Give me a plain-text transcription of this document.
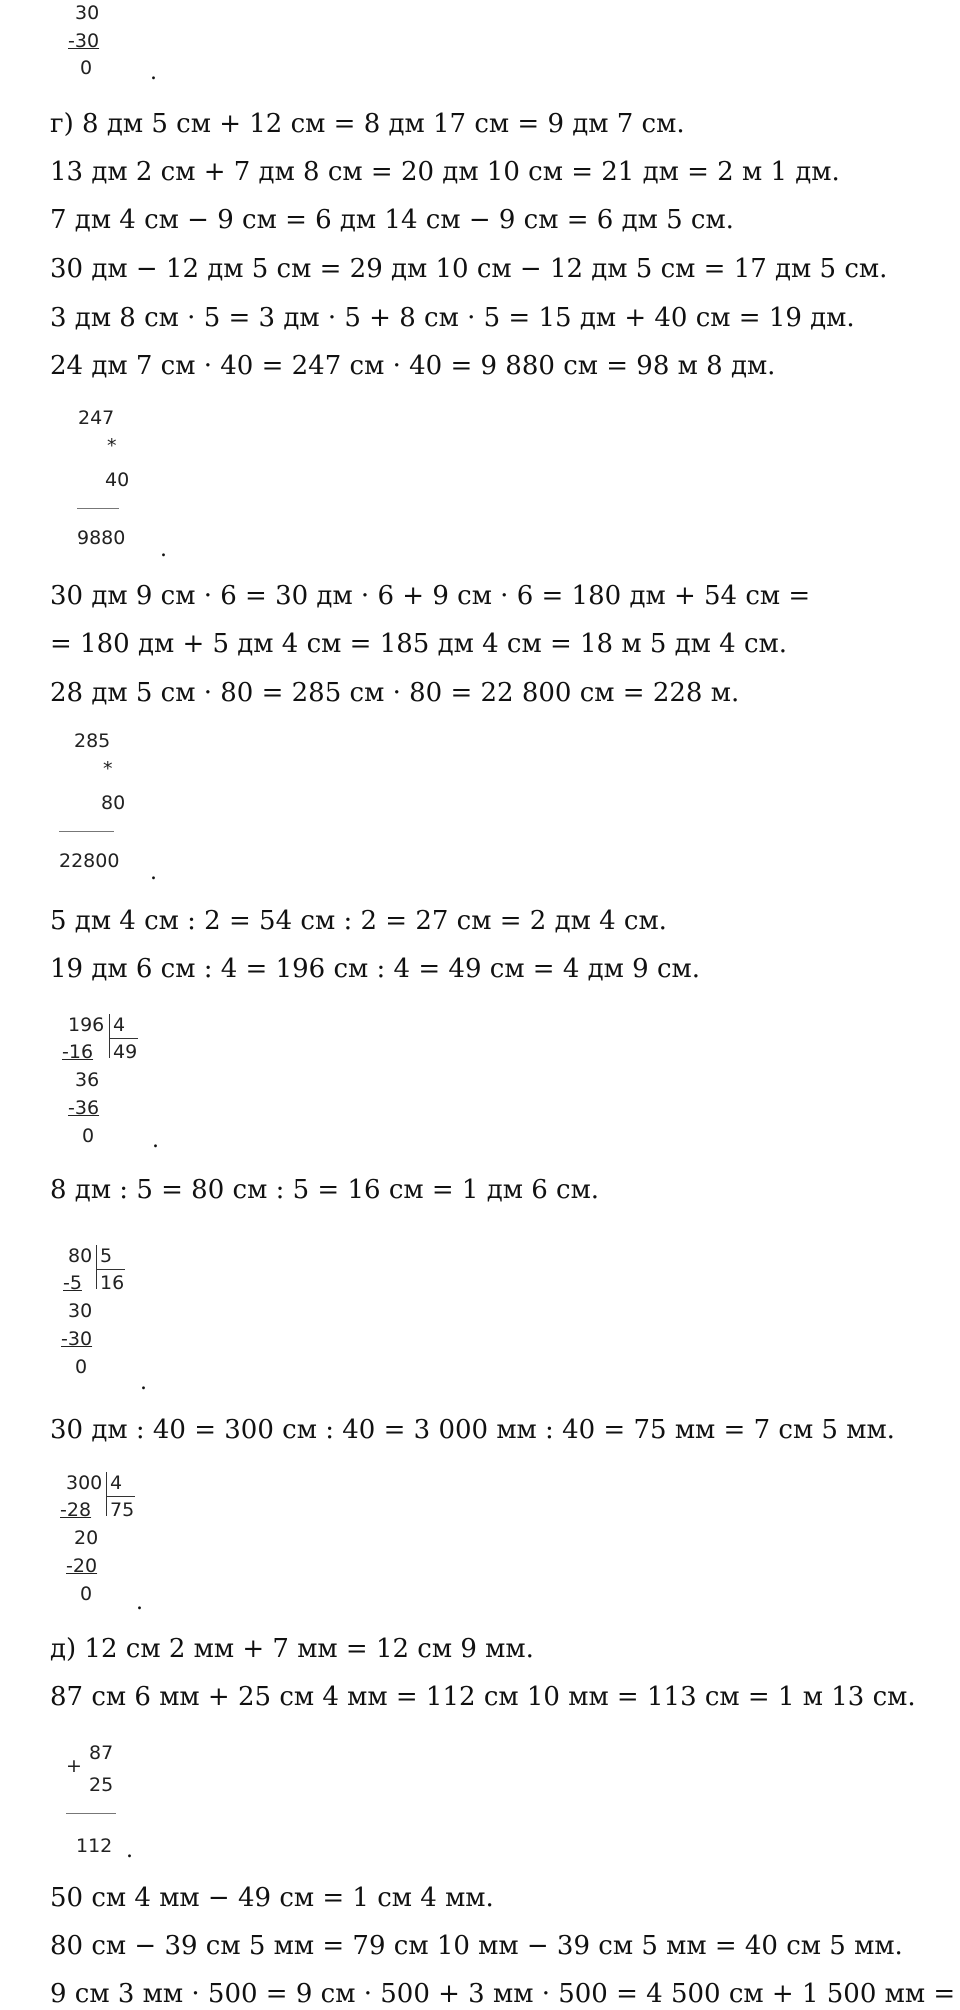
30
-30
0	.
г) 8 дм 5 см + 12 см = 8 дм 17 см = 9 дм 7 см.
13 дм 2 см + 7 дм 8 см = 20 дм 10 см = 21 дм = 2 м 1 дм.
7 дм 4 см − 9 см = 6 дм 14 см − 9 см = 6 дм 5 см.
30 дм − 12 дм 5 см = 29 дм 10 см − 12 дм 5 см = 17 дм 5 см.
3 дм 8 см · 5 = 3 дм · 5 + 8 см · 5 = 15 дм + 40 см = 19 дм.
24 дм 7 см · 40 = 247 см · 40 = 9 880 см = 98 м 8 дм.
247
*
40
9880 .
30 дм 9 см · 6 = 30 дм · 6 + 9 см · 6 = 180 дм + 54 см =
= 180 дм + 5 дм 4 см = 185 дм 4 см = 18 м 5 дм 4 см.
28 дм 5 см · 80 = 285 см · 80 = 22 800 см = 228 м.
285
*
80
22800 .
5 дм 4 см : 2 = 54 см : 2 = 27 см = 2 дм 4 см.
19 дм 6 см : 4 = 196 см : 4 = 49 см = 4 дм 9 см.
196 4
49
-16
36
-36
0	.
8 дм : 5 = 80 см : 5 = 16 см = 1 дм 6 см.
80 5
16
-5
30
-30
0
.
30 дм : 40 = 300 см : 40 = 3 000 мм : 40 = 75 мм = 7 см 5 мм.
300 4
75
-28
20
-20
0 .
д) 12 см 2 мм + 7 мм = 12 см 9 мм.
87 см 6 мм + 25 см 4 мм = 112 см 10 мм = 113 см = 1 м 13 см.
+
87
25
112 .
50 см 4 мм − 49 см = 1 см 4 мм.
80 см − 39 см 5 мм = 79 см 10 мм − 39 см 5 мм = 40 см 5 мм.
9 см 3 мм · 500 = 9 см · 500 + 3 мм · 500 = 4 500 см + 1 500 мм =
